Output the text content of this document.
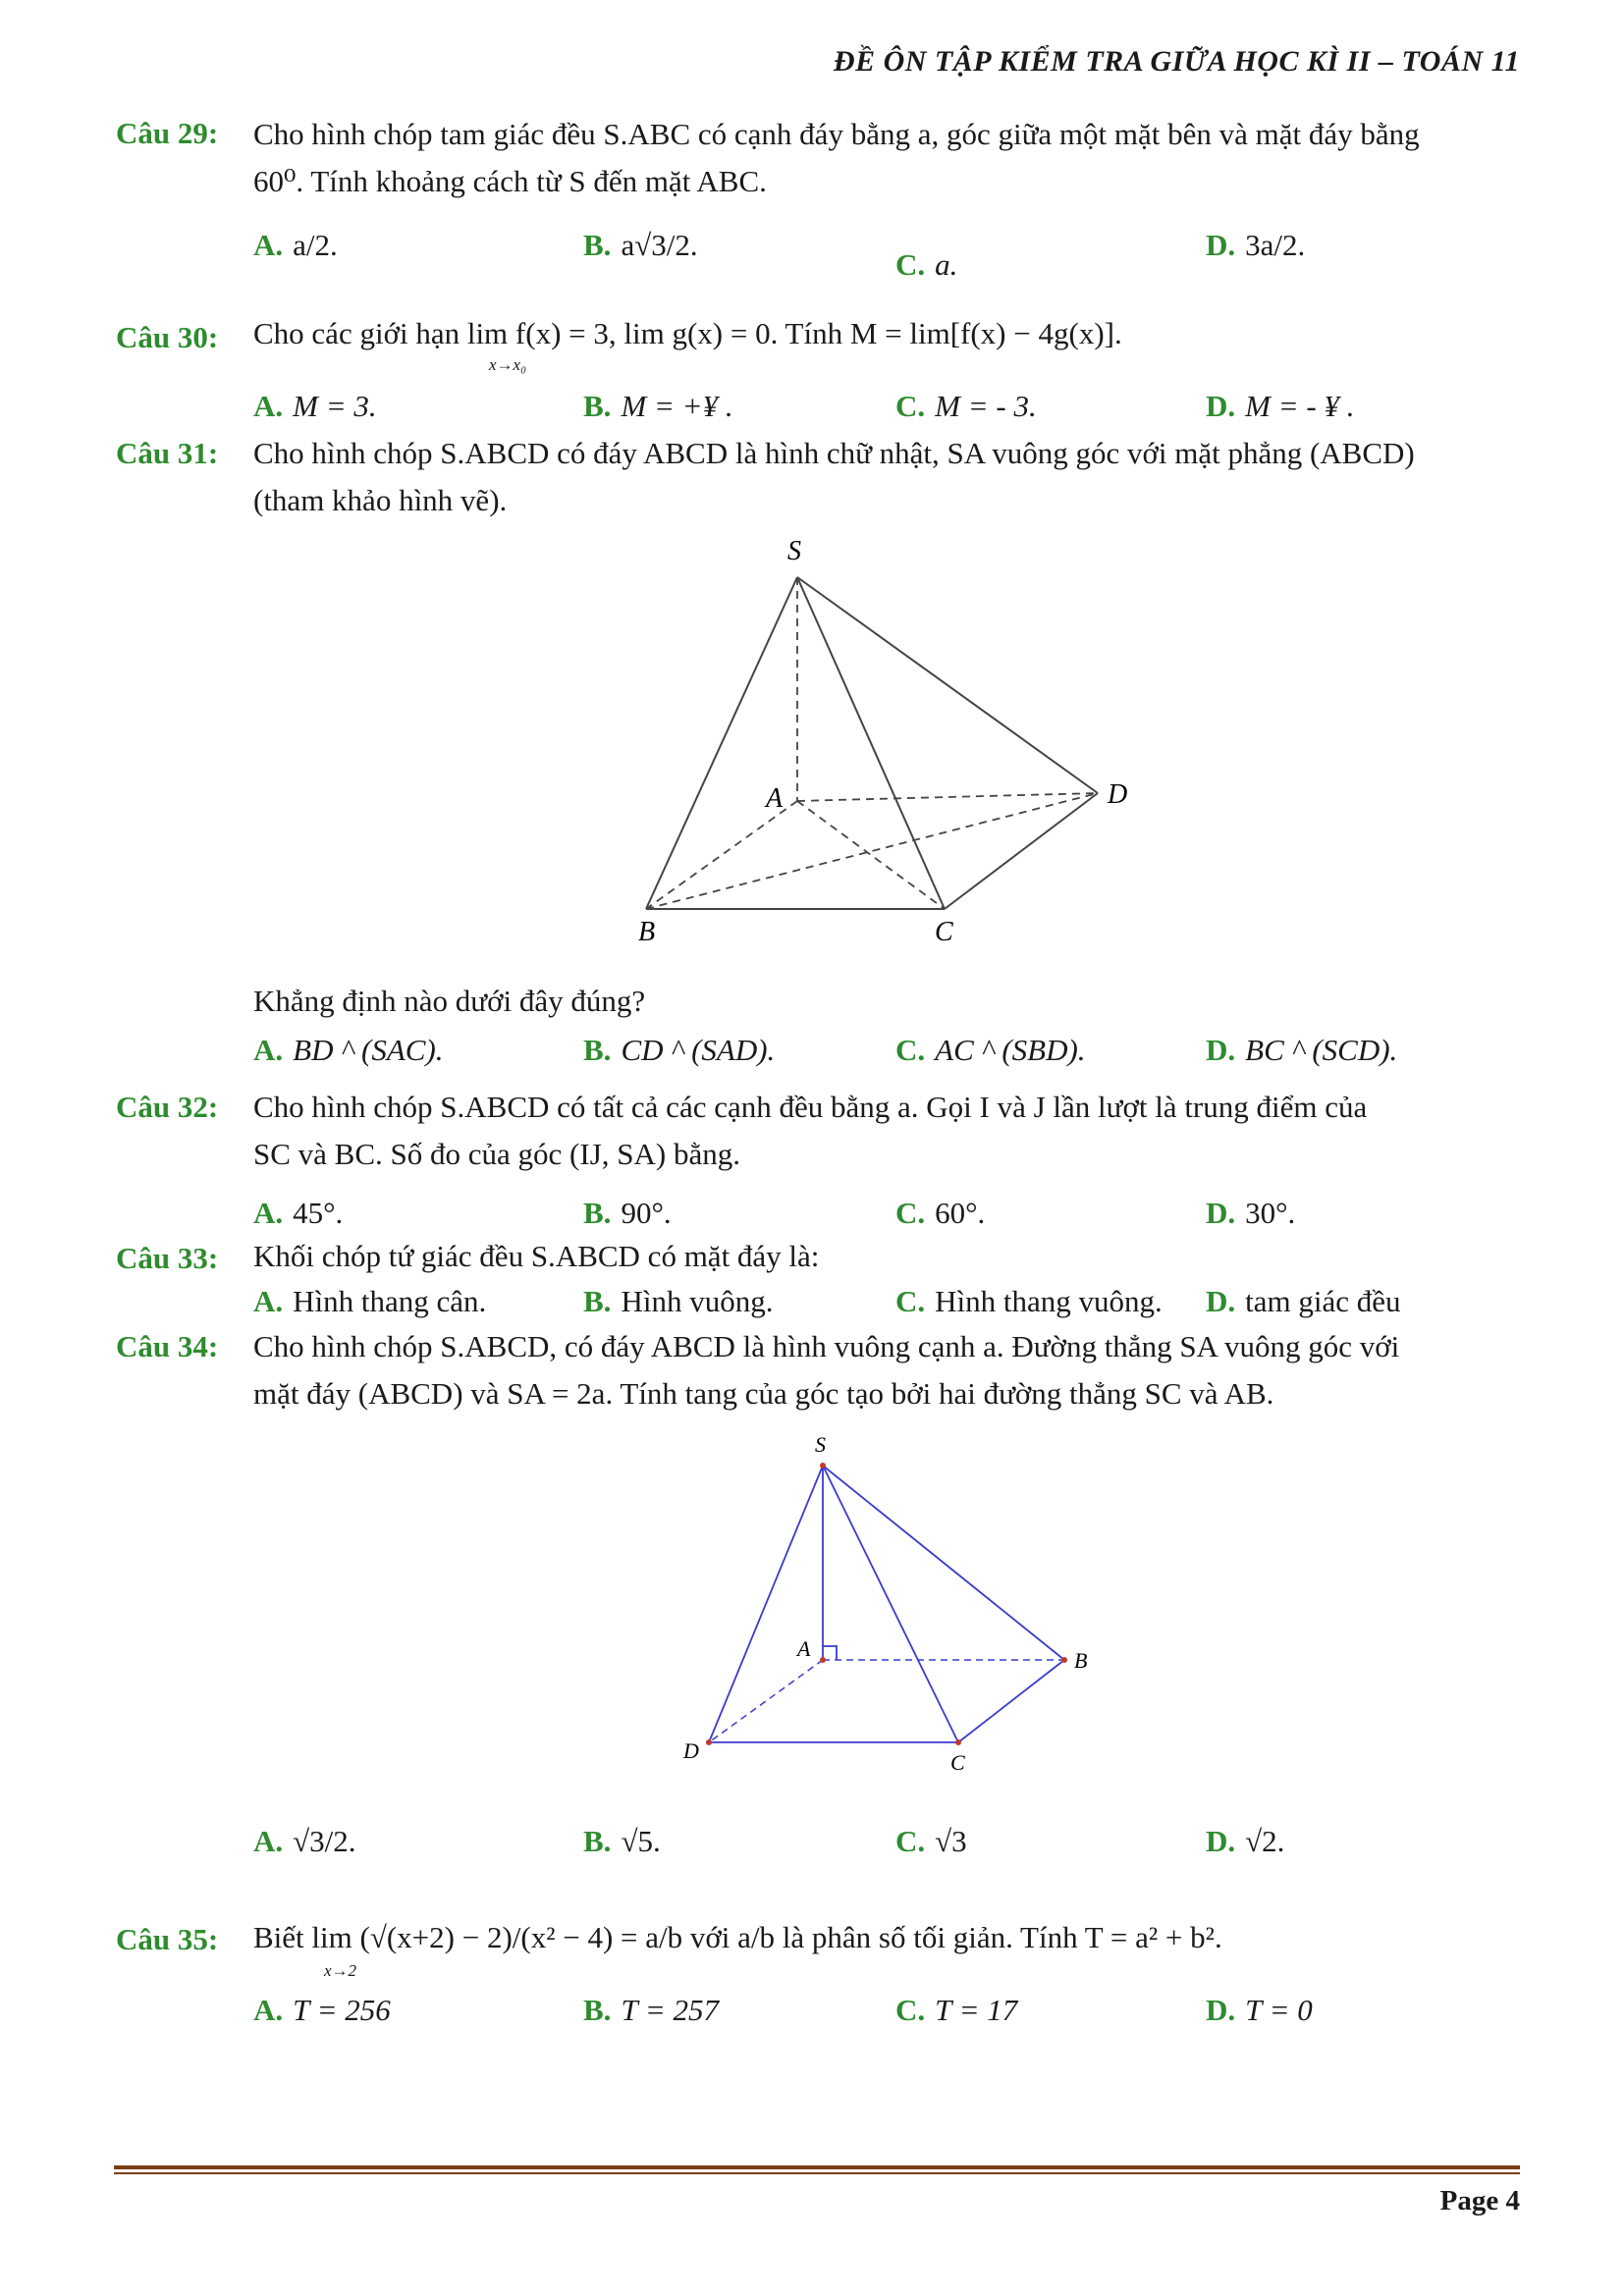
ĐỀ ÔN TẬP KIỂM TRA GIỮA HỌC KÌ II – TOÁN 11
Câu 29: Cho hình chóp tam giác đều S.ABC có cạnh đáy bằng a, góc giữa một mặt bên và mặt đáy bằng
60⁰. Tính khoảng cách từ S đến mặt ABC.
A. a/2.	B. a√3/2.
C. a.
D. 3a/2.
Câu 30: Cho các giới hạn lim f(x) = 3, lim g(x) = 0. Tính M = lim[f(x) − 4g(x)].
x→x₀
A. M = 3.	B. M = +¥ .	C. M = - 3.	D. M = - ¥ .
Câu 31: Cho hình chóp S.ABCD có đáy ABCD là hình chữ nhật, SA vuông góc với mặt phẳng (ABCD)
(tham khảo hình vẽ).
S
A
B	C
D
Khẳng định nào dưới đây đúng?
A. BD ^ (SAC).	B. CD ^ (SAD).	C. AC ^ (SBD).	D. BC ^ (SCD).
Câu 32: Cho hình chóp S.ABCD có tất cả các cạnh đều bằng a. Gọi I và J lần lượt là trung điểm của
SC và BC. Số đo của góc (IJ, SA) bằng.
A. 45°.	B. 90°.	C. 60°.	D. 30°.
Câu 33: Khối chóp tứ giác đều S.ABCD có mặt đáy là:
A. Hình thang cân.	B. Hình vuông.	C. Hình thang vuông. D. tam giác đều
Câu 34: Cho hình chóp S.ABCD, có đáy ABCD là hình vuông cạnh a. Đường thẳng SA vuông góc với
mặt đáy (ABCD) và SA = 2a. Tính tang của góc tạo bởi hai đường thẳng SC và AB.
S
A	B
C
D
A. √3/2.	B. √5.	C. √3	D. √2.
Câu 35: Biết lim (√(x+2) − 2)/(x² − 4) = a/b với a/b là phân số tối giản. Tính T = a² + b².
x→2
A. T = 256	B. T = 257	C. T = 17	D. T = 0
Page 4
